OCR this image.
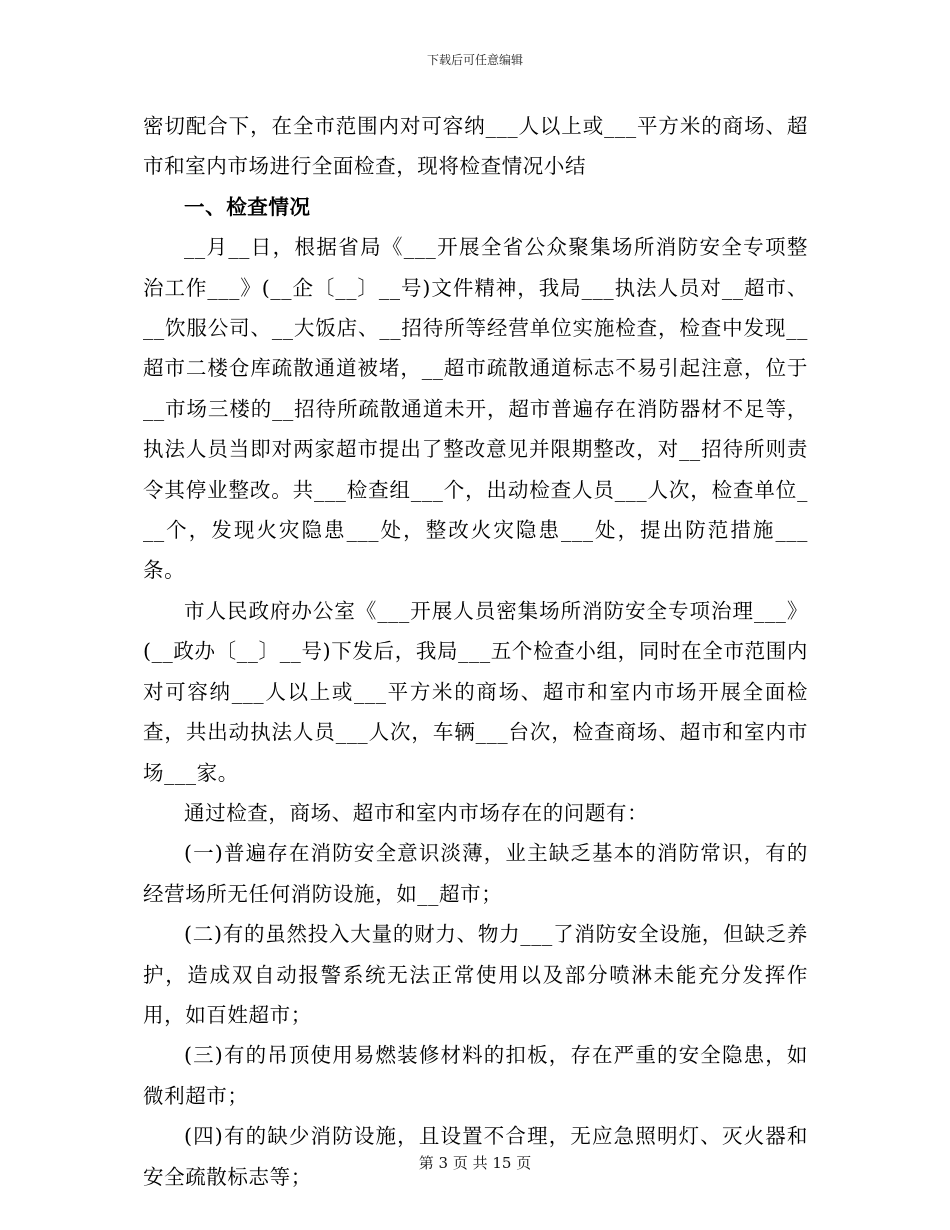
下载后可任意编辑

密切配合下，在全市范围内对可容纳___人以上或___平方米的商场、超市和室内市场进行全面检查，现将检查情况小结

一、检查情况

__月__日，根据省局《___开展全省公众聚集场所消防安全专项整治工作___》(__企〔__〕__号)文件精神，我局___执法人员对__超市、__饮服公司、__大饭店、__招待所等经营单位实施检查，检查中发现__超市二楼仓库疏散通道被堵，__超市疏散通道标志不易引起注意，位于__市场三楼的__招待所疏散通道未开，超市普遍存在消防器材不足等，执法人员当即对两家超市提出了整改意见并限期整改，对__招待所则责令其停业整改。共___检查组___个，出动检查人员___人次，检查单位___个，发现火灾隐患___处，整改火灾隐患___处，提出防范措施___条。

市人民政府办公室《___开展人员密集场所消防安全专项治理___》(__政办〔__〕__号)下发后，我局___五个检查小组，同时在全市范围内对可容纳___人以上或___平方米的商场、超市和室内市场开展全面检查，共出动执法人员___人次，车辆___台次，检查商场、超市和室内市场___家。

通过检查，商场、超市和室内市场存在的问题有：

(一)普遍存在消防安全意识淡薄，业主缺乏基本的消防常识，有的经营场所无任何消防设施，如__超市；

(二)有的虽然投入大量的财力、物力___了消防安全设施，但缺乏养护，造成双自动报警系统无法正常使用以及部分喷淋未能充分发挥作用，如百姓超市；

(三)有的吊顶使用易燃装修材料的扣板，存在严重的安全隐患，如微利超市；

(四)有的缺少消防设施，且设置不合理，无应急照明灯、灭火器和安全疏散标志等；

第 3 页 共 15 页
